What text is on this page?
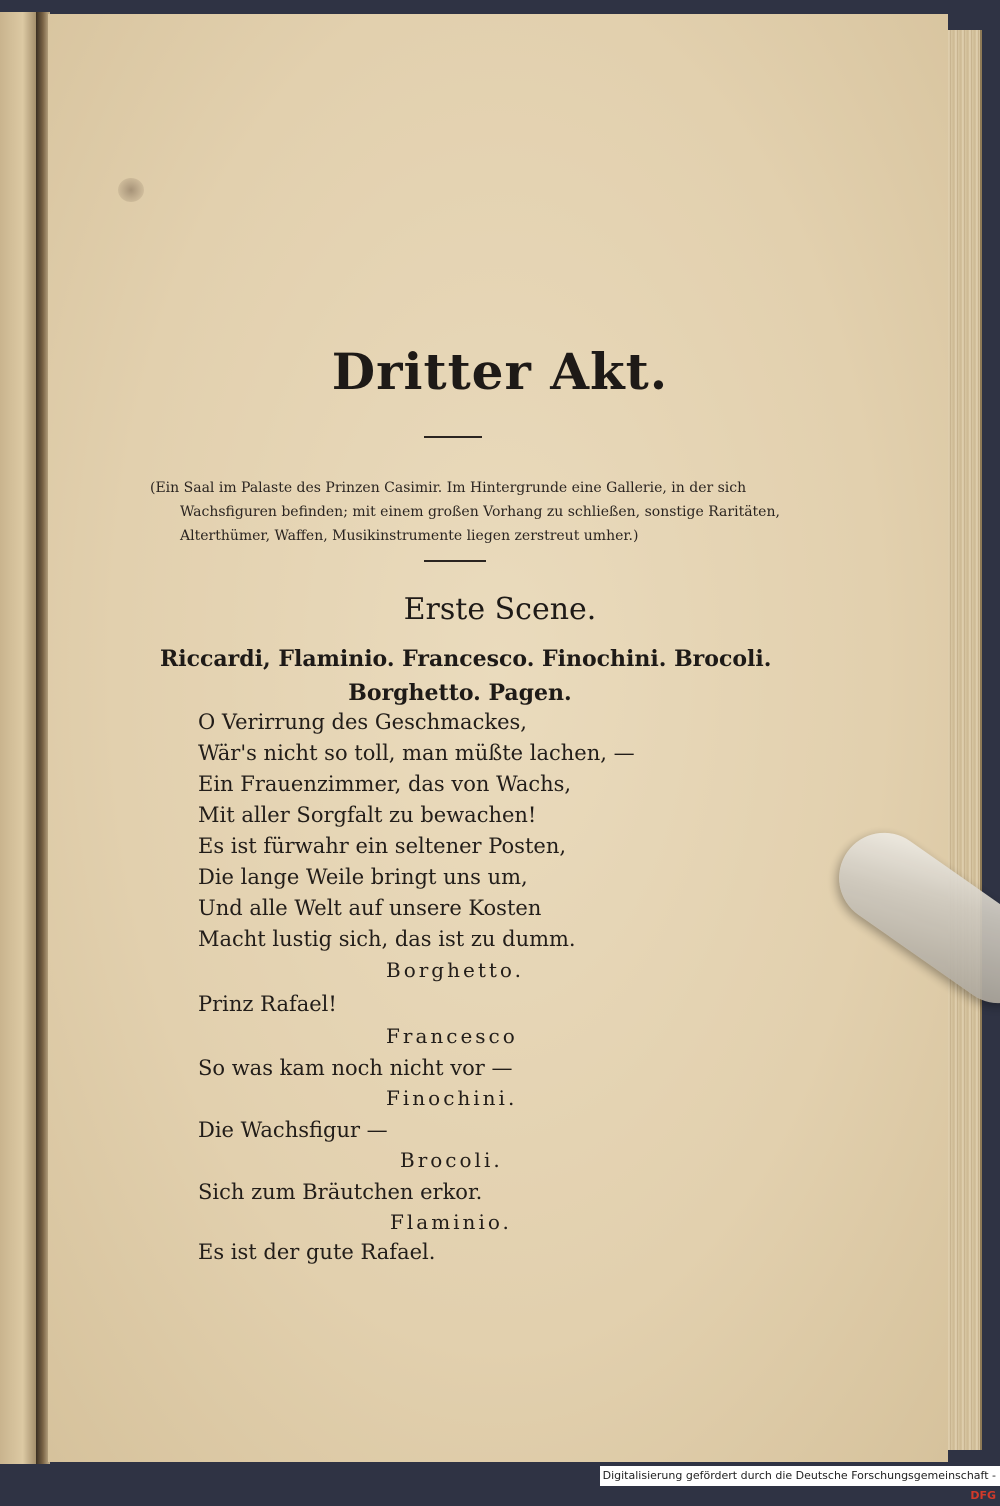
Dritter Akt.
(Ein Saal im Palaste des Prinzen Casimir. Im Hintergrunde eine Gallerie, in der sich
Wachsfiguren befinden; mit einem großen Vorhang zu schließen, sonstige Raritäten,
Alterthümer, Waffen, Musikinstrumente liegen zerstreut umher.)
Erste Scene.
Riccardi, Flaminio. Francesco. Finochini. Brocoli.
Borghetto. Pagen.
O Verirrung des Geschmackes,
Wär's nicht so toll, man müßte lachen, —
Ein Frauenzimmer, das von Wachs,
Mit aller Sorgfalt zu bewachen!
Es ist fürwahr ein seltener Posten,
Die lange Weile bringt uns um,
Und alle Welt auf unsere Kosten
Macht lustig sich, das ist zu dumm.
Borghetto.
Prinz Rafael!
Francesco
So was kam noch nicht vor —
Finochini.
Die Wachsfigur —
Brocoli.
Sich zum Bräutchen erkor.
Flaminio.
Es ist der gute Rafael.
Digitalisierung gefördert durch die Deutsche Forschungsgemeinschaft -DFG
